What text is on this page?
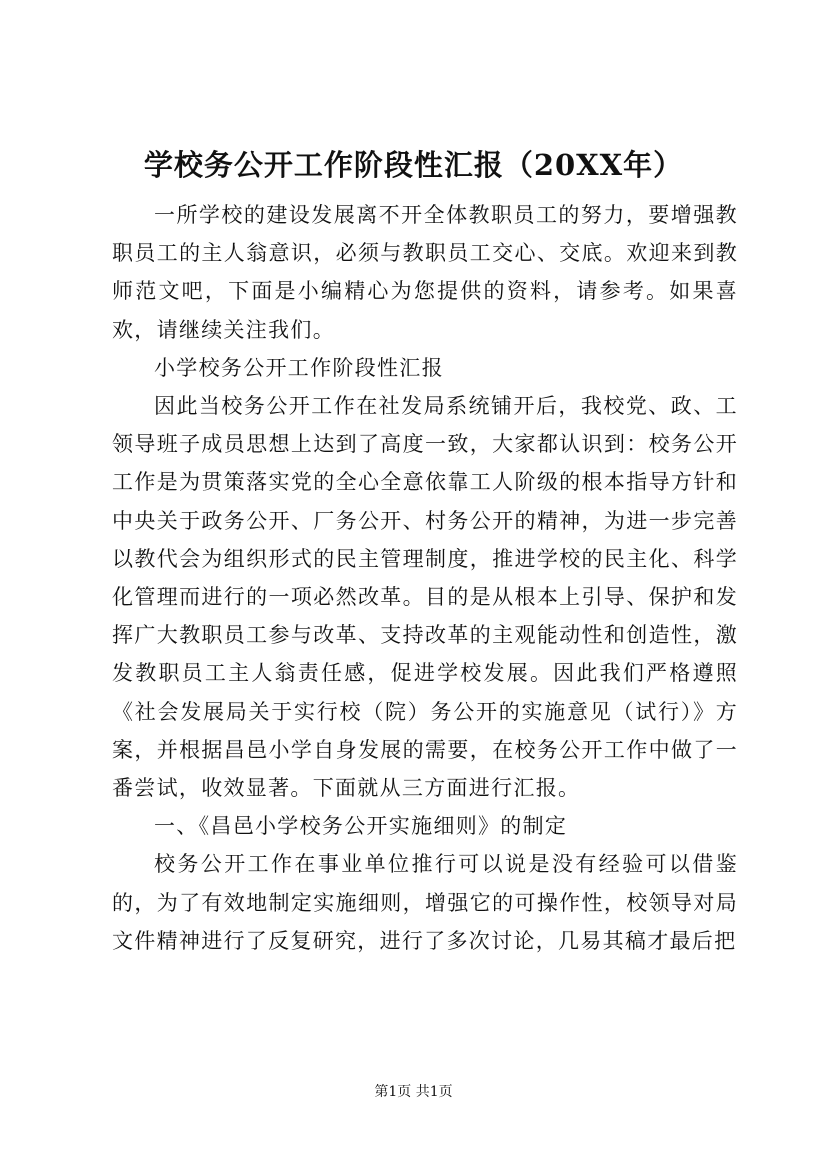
学校务公开工作阶段性汇报（20XX年）

一所学校的建设发展离不开全体教职员工的努力，要增强教职员工的主人翁意识，必须与教职员工交心、交底。欢迎来到教师范文吧，下面是小编精心为您提供的资料，请参考。如果喜欢，请继续关注我们。

小学校务公开工作阶段性汇报

因此当校务公开工作在社发局系统铺开后，我校党、政、工领导班子成员思想上达到了高度一致，大家都认识到：校务公开工作是为贯策落实党的全心全意依靠工人阶级的根本指导方针和中央关于政务公开、厂务公开、村务公开的精神，为进一步完善以教代会为组织形式的民主管理制度，推进学校的民主化、科学化管理而进行的一项必然改革。目的是从根本上引导、保护和发挥广大教职员工参与改革、支持改革的主观能动性和创造性，激发教职员工主人翁责任感，促进学校发展。因此我们严格遵照《社会发展局关于实行校（院）务公开的实施意见（试行）》方案，并根据昌邑小学自身发展的需要，在校务公开工作中做了一番尝试，收效显著。下面就从三方面进行汇报。

一、《昌邑小学校务公开实施细则》的制定

校务公开工作在事业单位推行可以说是没有经验可以借鉴的，为了有效地制定实施细则，增强它的可操作性，校领导对局文件精神进行了反复研究，进行了多次讨论，几易其稿才最后把

第1页 共1页
